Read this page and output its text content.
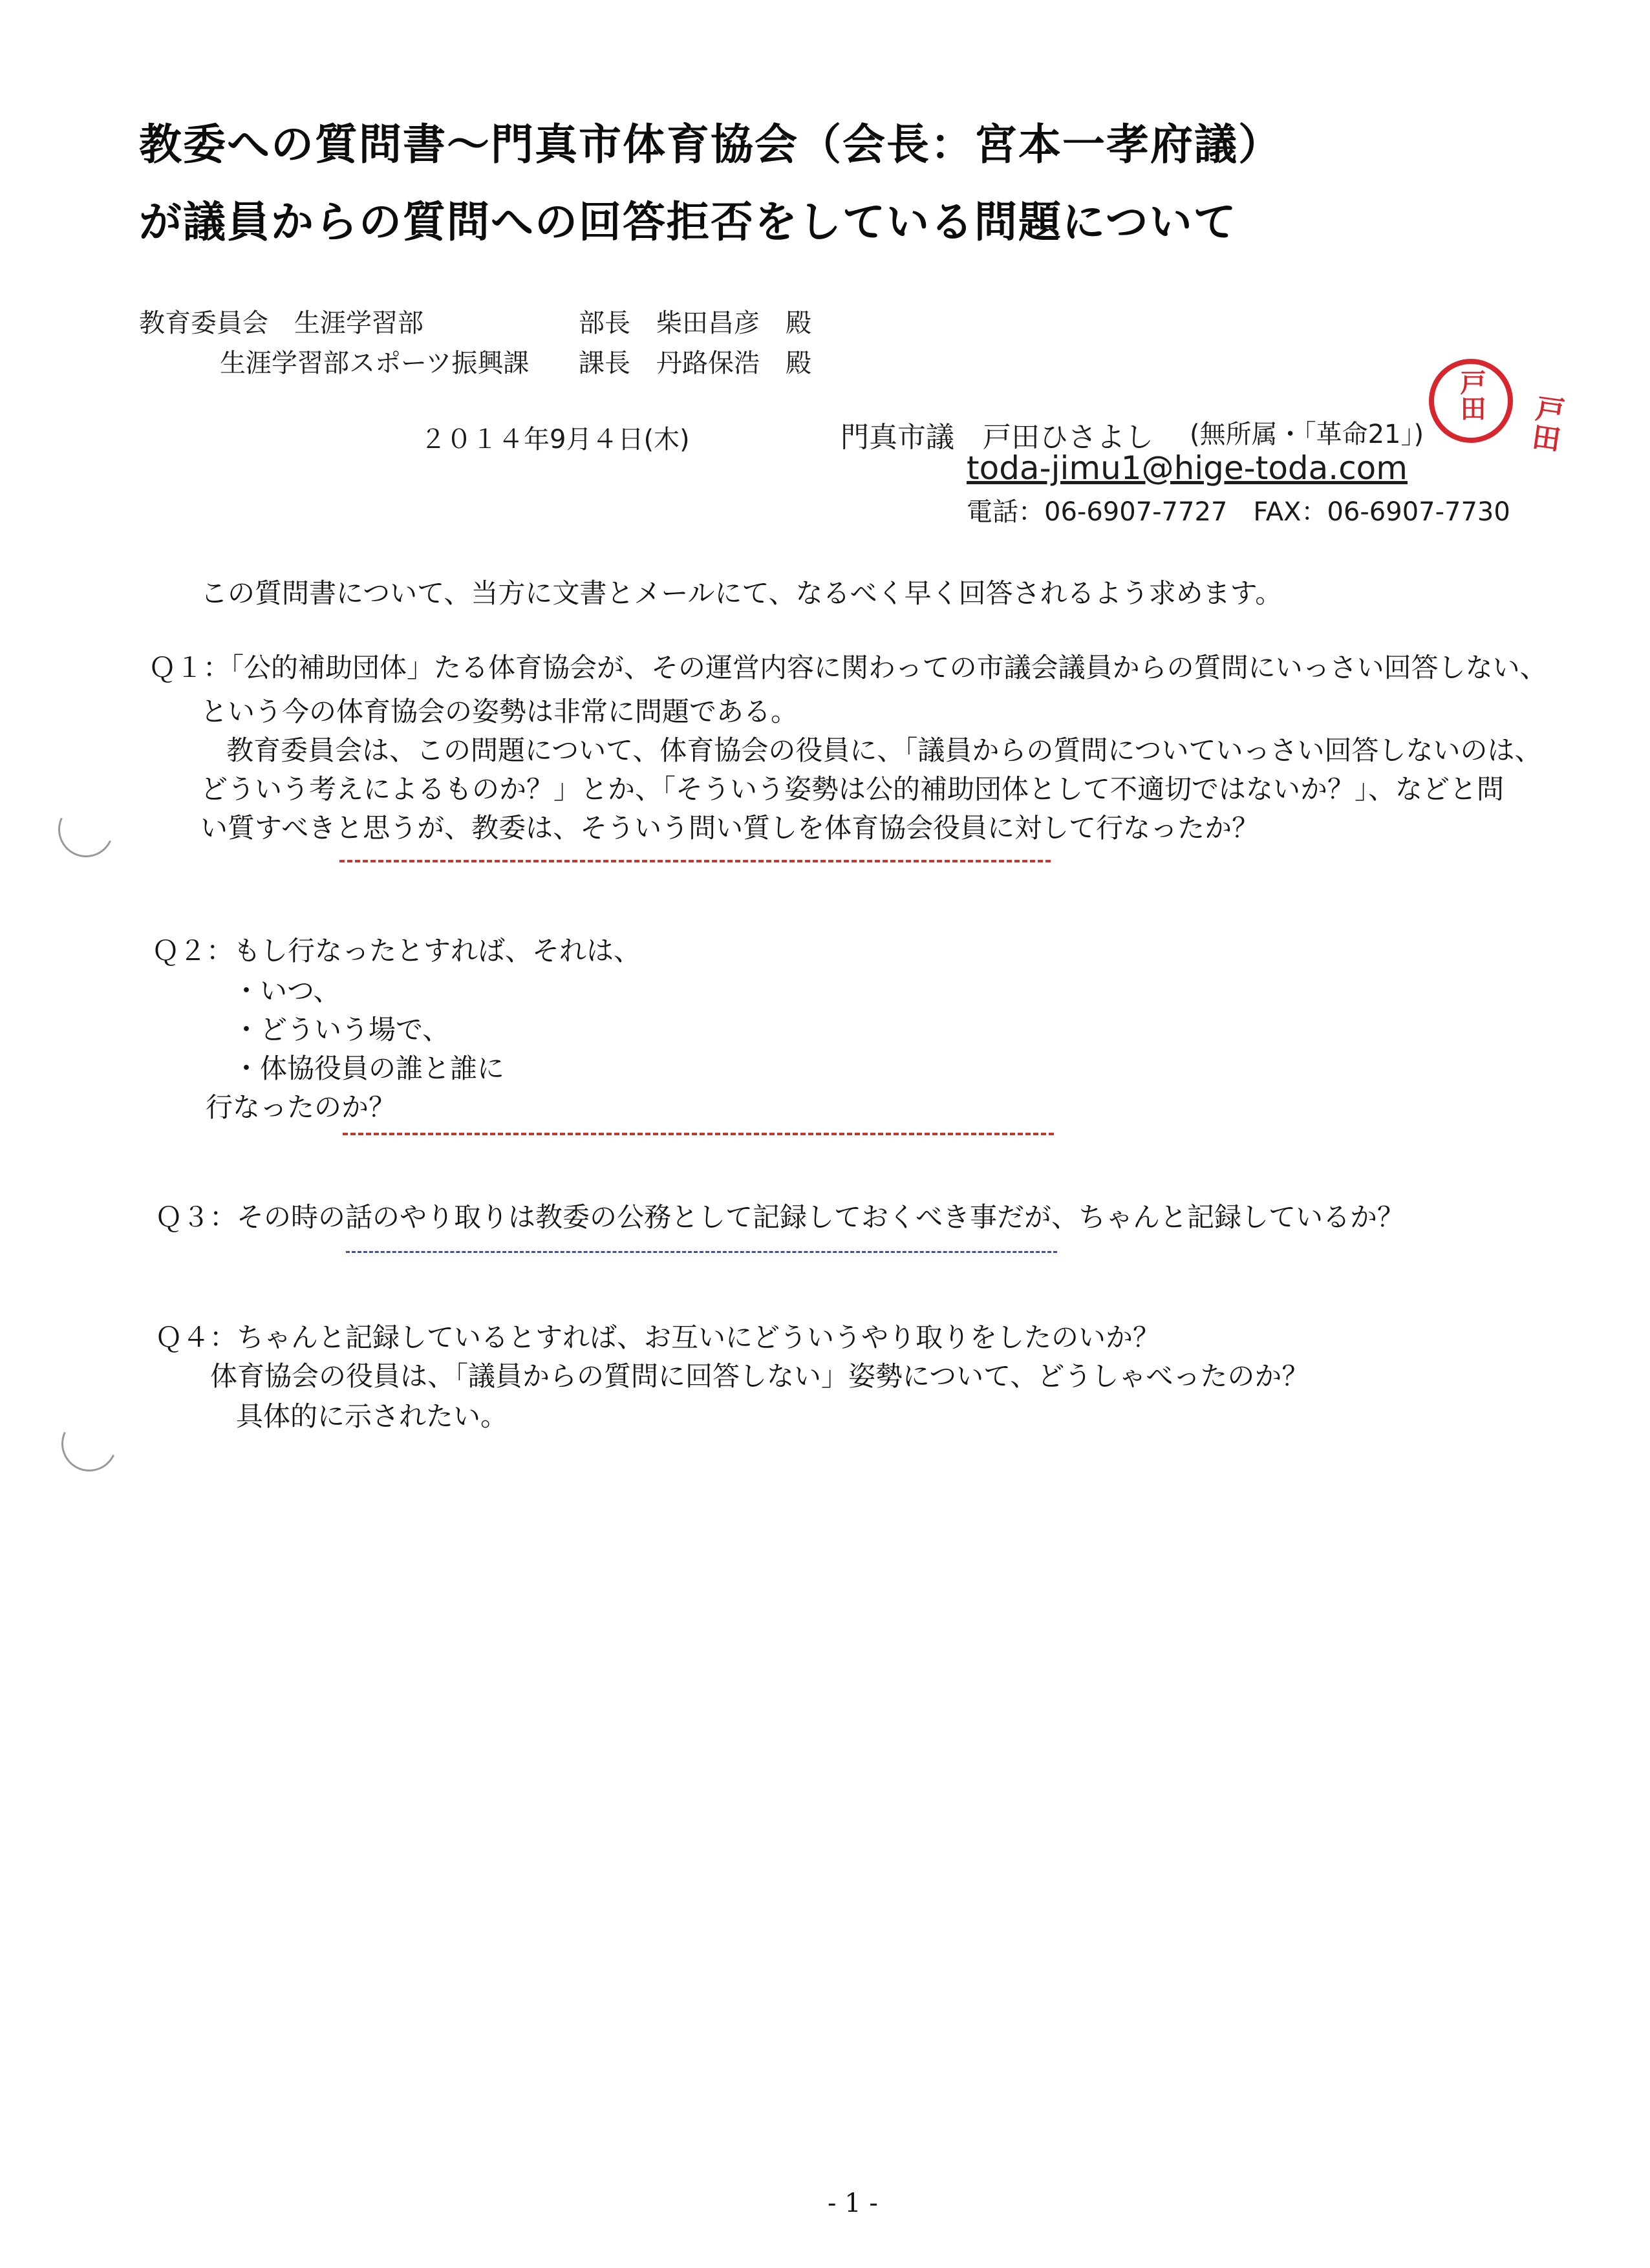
教委への質問書～門真市体育協会（会長：宮本一孝府議）
が議員からの質問への回答拒否をしている問題について
教育委員会　生涯学習部	部長　柴田昌彦　殿
生涯学習部スポーツ振興課 課長　丹路保浩　殿
２０１４年9月４日(木)	門真市議　戸田ひさよし (無所属・「革命21」)
toda-jimu1@hige-toda.com
電話：06-6907-7727　FAX：06-6907-7730
戸田 戸田
この質問書について、当方に文書とメールにて、なるべく早く回答されるよう求めます。
Ｑ１：「公的補助団体」たる体育協会が、その運営内容に関わっての市議会議員からの質問にいっさい回答しない、
という今の体育協会の姿勢は非常に問題である。
教育委員会は、この問題について、体育協会の役員に、「議員からの質問についていっさい回答しないのは、
どういう考えによるものか？」とか、「そういう姿勢は公的補助団体として不適切ではないか？」、などと問
い質すべきと思うが、教委は、そういう問い質しを体育協会役員に対して行なったか？
Ｑ２：もし行なったとすれば、それは、
・いつ、
・どういう場で、
・体協役員の誰と誰に
行なったのか？
Ｑ３：その時の話のやり取りは教委の公務として記録しておくべき事だが、ちゃんと記録しているか？
Ｑ４：ちゃんと記録しているとすれば、お互いにどういうやり取りをしたのいか？
体育協会の役員は、「議員からの質問に回答しない」姿勢について、どうしゃべったのか？
具体的に示されたい。
- 1 -
